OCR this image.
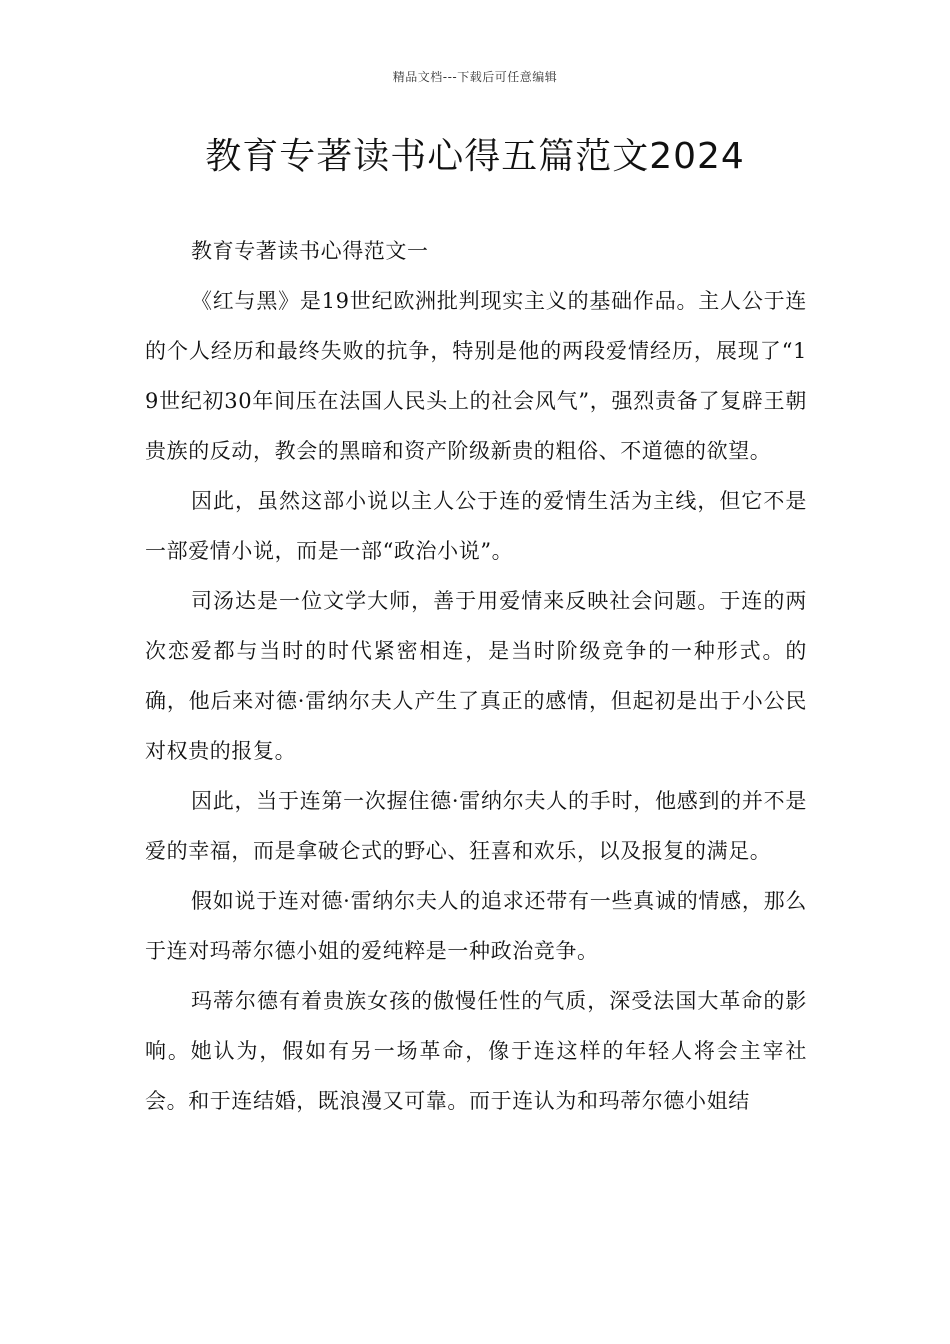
精品文档---下载后可任意编辑
教育专著读书心得五篇范文2024

教育专著读书心得范文一

《红与黑》是19世纪欧洲批判现实主义的基础作品。主人公于连的个人经历和最终失败的抗争，特别是他的两段爱情经历，展现了“19世纪初30年间压在法国人民头上的社会风气”，强烈责备了复辟王朝贵族的反动，教会的黑暗和资产阶级新贵的粗俗、不道德的欲望。

因此，虽然这部小说以主人公于连的爱情生活为主线，但它不是一部爱情小说，而是一部“政治小说”。

司汤达是一位文学大师，善于用爱情来反映社会问题。于连的两次恋爱都与当时的时代紧密相连，是当时阶级竞争的一种形式。的确，他后来对德·雷纳尔夫人产生了真正的感情，但起初是出于小公民对权贵的报复。

因此，当于连第一次握住德·雷纳尔夫人的手时，他感到的并不是爱的幸福，而是拿破仑式的野心、狂喜和欢乐，以及报复的满足。

假如说于连对德·雷纳尔夫人的追求还带有一些真诚的情感，那么于连对玛蒂尔德小姐的爱纯粹是一种政治竞争。

玛蒂尔德有着贵族女孩的傲慢任性的气质，深受法国大革命的影响。她认为，假如有另一场革命，像于连这样的年轻人将会主宰社会。和于连结婚，既浪漫又可靠。而于连认为和玛蒂尔德小姐结
